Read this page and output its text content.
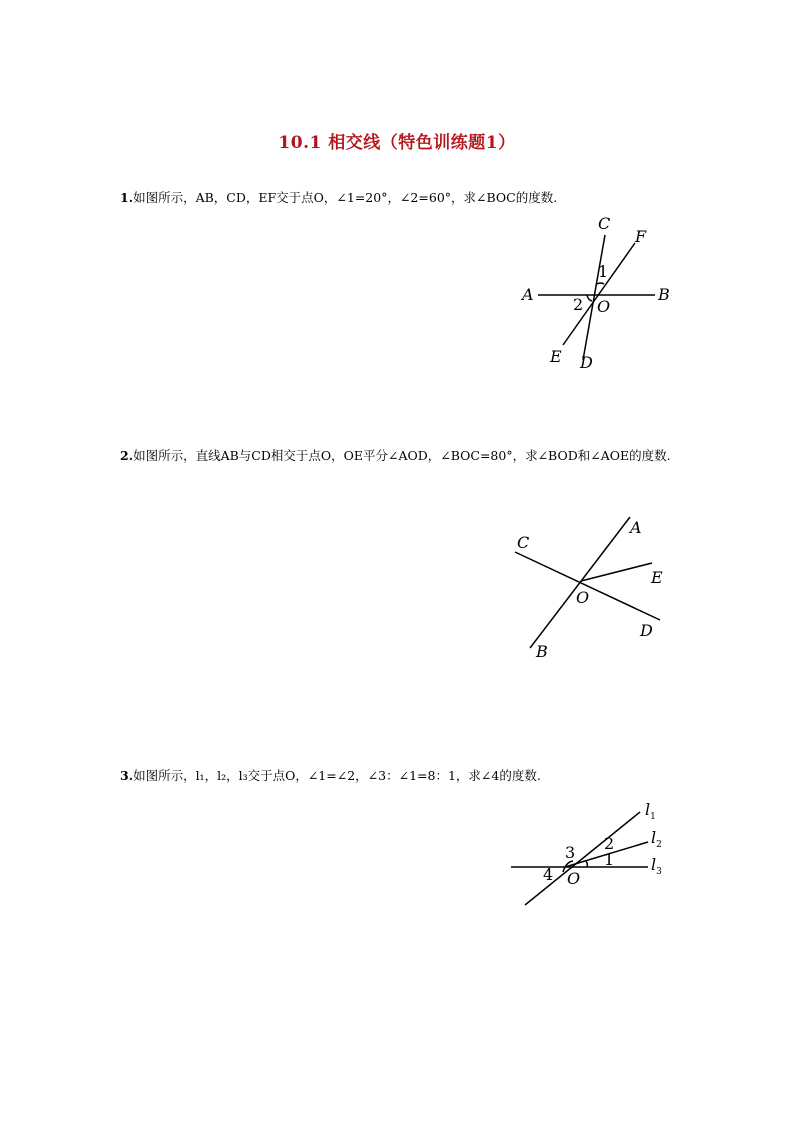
10.1 相交线（特色训练题1）
1.如图所示，AB，CD，EF交于点O，∠1=20°，∠2=60°，求∠BOC的度数.
C
F
A	B
1
2 O
E D
2.如图所示，直线AB与CD相交于点O，OE平分∠AOD，∠BOC=80°，求∠BOD和∠AOE的度数.
C
A
E
O
D
B
3.如图所示，l₁，l₂，l₃交于点O，∠1=∠2，∠3：∠1=8：1，求∠4的度数.
$l_1$
$l_2$
$l_3$
3 2
1
4 O
